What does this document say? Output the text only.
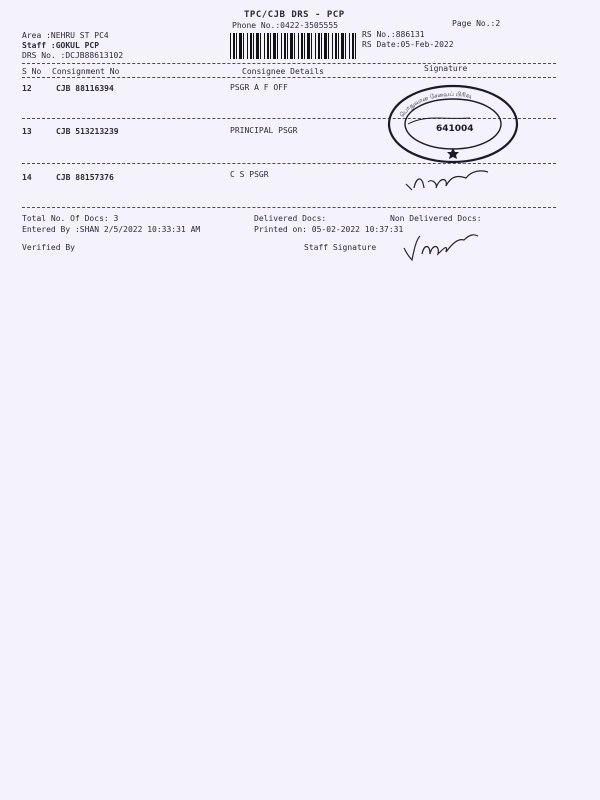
TPC/CJB DRS - PCP
Phone No.:0422-3505555	Page No.:2
Area :NEHRU ST PC4
Staff :GOKUL PCP
DRS No. :DCJB88613102
RS No.:886131
RS Date:05-Feb-2022
S No Consignment No	Consignee Details	Signature
12	CJB 88116394	PSGR A F OFF
13	CJB 513213239	PRINCIPAL PSGR
14	CJB 88157376	C S PSGR
பொதுவான சேவைப் பிரிவு
641004
Total No. Of Docs: 3	Delivered Docs:	Non Delivered Docs:
Entered By :SHAN 2/5/2022 10:33:31 AM	Printed on: 05-02-2022 10:37:31
Verified By	Staff Signature
